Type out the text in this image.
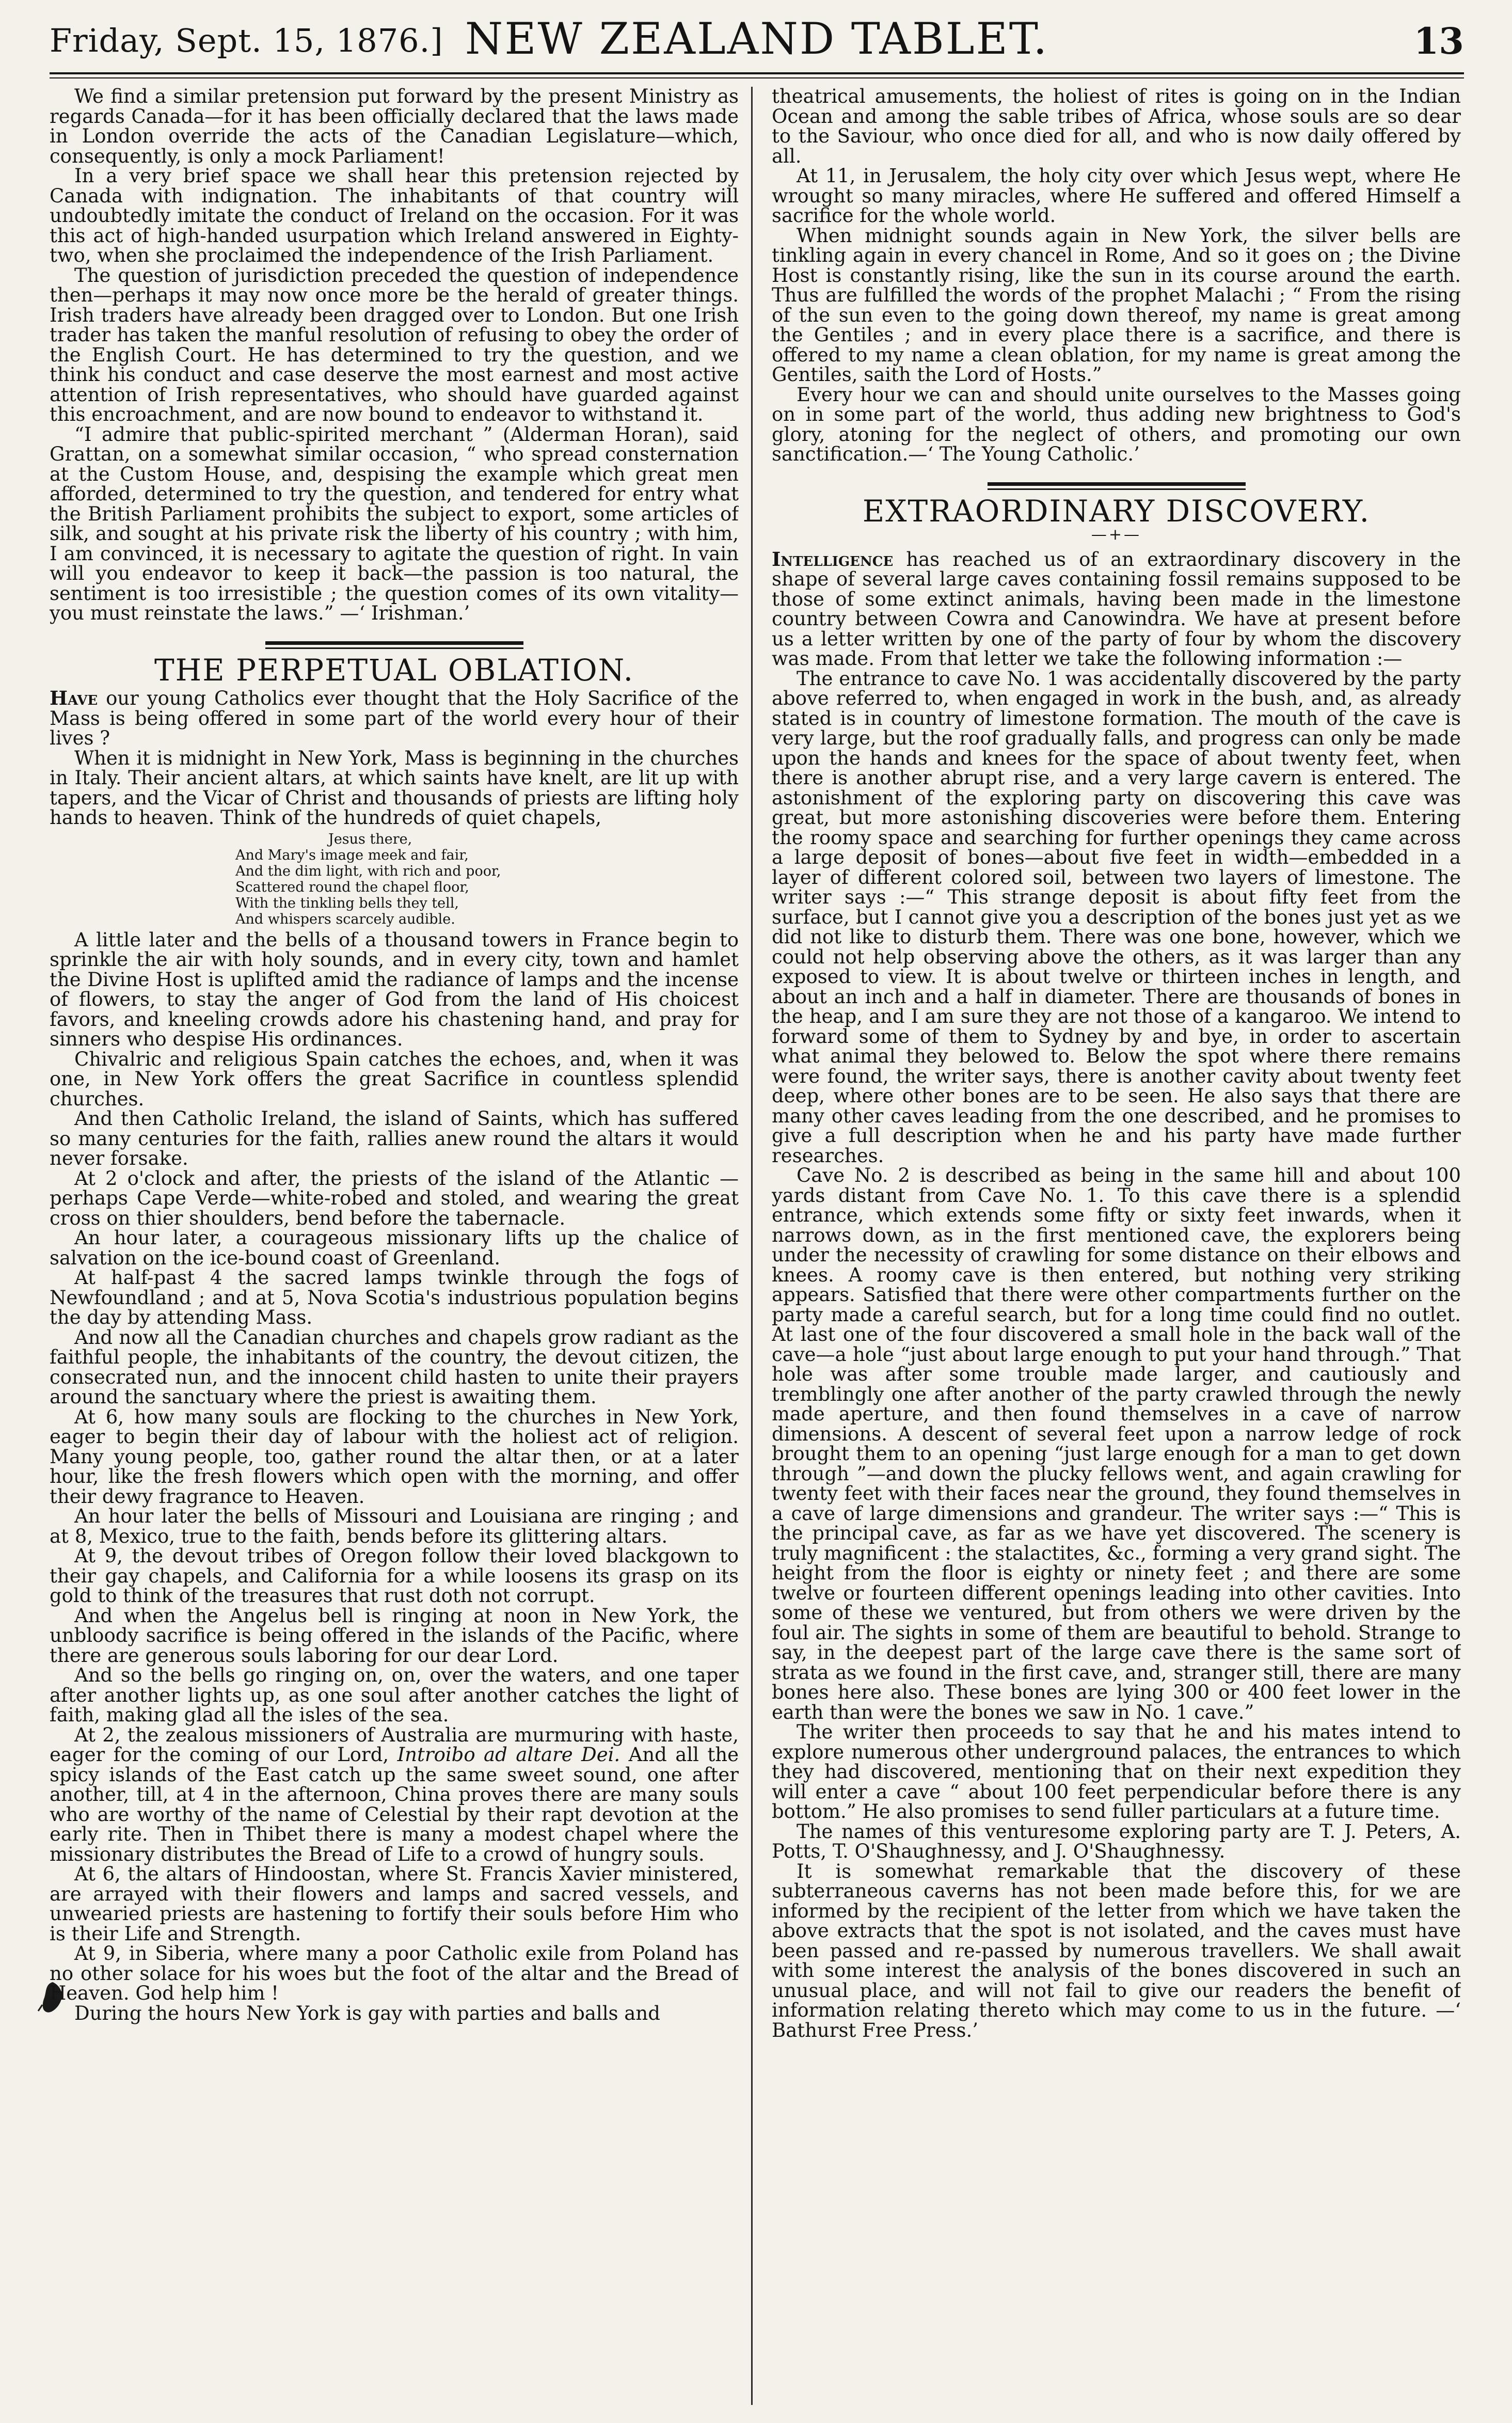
Friday, Sept. 15, 1876.] NEW ZEALAND TABLET.	13

We find a similar pretension put forward by the present Ministry as regards Canada—for it has been officially declared that the laws made in London override the acts of the Canadian Legislature—which, consequently, is only a mock Parliament!

In a very brief space we shall hear this pretension rejected by Canada with indignation. The inhabitants of that country will undoubtedly imitate the conduct of Ireland on the occasion. For it was this act of high-handed usurpation which Ireland answered in Eighty-two, when she proclaimed the independence of the Irish Parliament.

The question of jurisdiction preceded the question of independence then—perhaps it may now once more be the herald of greater things. Irish traders have already been dragged over to London. But one Irish trader has taken the manful resolution of refusing to obey the order of the English Court. He has determined to try the question, and we think his conduct and case deserve the most earnest and most active attention of Irish representatives, who should have guarded against this encroachment, and are now bound to endeavor to withstand it.

“I admire that public-spirited merchant ” (Alderman Horan), said Grattan, on a somewhat similar occasion, “ who spread consternation at the Custom House, and, despising the example which great men afforded, determined to try the question, and tendered for entry what the British Parliament prohibits the subject to export, some articles of silk, and sought at his private risk the liberty of his country ; with him, I am convinced, it is necessary to agitate the question of right. In vain will you endeavor to keep it back—the passion is too natural, the sentiment is too irresistible ; the question comes of its own vitality—you must reinstate the laws.” —‘ Irishman.’

THE PERPETUAL OBLATION.

Have our young Catholics ever thought that the Holy Sacrifice of the Mass is being offered in some part of the world every hour of their lives ?

When it is midnight in New York, Mass is beginning in the churches in Italy. Their ancient altars, at which saints have knelt, are lit up with tapers, and the Vicar of Christ and thousands of priests are lifting holy hands to heaven. Think of the hundreds of quiet chapels,

Jesus there,
And Mary's image meek and fair,
And the dim light, with rich and poor,
Scattered round the chapel floor,
With the tinkling bells they tell,
And whispers scarcely audible.

A little later and the bells of a thousand towers in France begin to sprinkle the air with holy sounds, and in every city, town and hamlet the Divine Host is uplifted amid the radiance of lamps and the incense of flowers, to stay the anger of God from the land of His choicest favors, and kneeling crowds adore his chastening hand, and pray for sinners who despise His ordinances.

Chivalric and religious Spain catches the echoes, and, when it was one, in New York offers the great Sacrifice in countless splendid churches.

And then Catholic Ireland, the island of Saints, which has suffered so many centuries for the faith, rallies anew round the altars it would never forsake.

At 2 o'clock and after, the priests of the island of the Atlantic —perhaps Cape Verde—white-robed and stoled, and wearing the great cross on thier shoulders, bend before the tabernacle.

An hour later, a courageous missionary lifts up the chalice of salvation on the ice-bound coast of Greenland.

At half-past 4 the sacred lamps twinkle through the fogs of Newfoundland ; and at 5, Nova Scotia's industrious population begins the day by attending Mass.

And now all the Canadian churches and chapels grow radiant as the faithful people, the inhabitants of the country, the devout citizen, the consecrated nun, and the innocent child hasten to unite their prayers around the sanctuary where the priest is awaiting them.

At 6, how many souls are flocking to the churches in New York, eager to begin their day of labour with the holiest act of religion. Many young people, too, gather round the altar then, or at a later hour, like the fresh flowers which open with the morning, and offer their dewy fragrance to Heaven.

An hour later the bells of Missouri and Louisiana are ringing ; and at 8, Mexico, true to the faith, bends before its glittering altars.

At 9, the devout tribes of Oregon follow their loved blackgown to their gay chapels, and California for a while loosens its grasp on its gold to think of the treasures that rust doth not corrupt.

And when the Angelus bell is ringing at noon in New York, the unbloody sacrifice is being offered in the islands of the Pacific, where there are generous souls laboring for our dear Lord.

And so the bells go ringing on, on, over the waters, and one taper after another lights up, as one soul after another catches the light of faith, making glad all the isles of the sea.

At 2, the zealous missioners of Australia are murmuring with haste, eager for the coming of our Lord, Introibo ad altare Dei. And all the spicy islands of the East catch up the same sweet sound, one after another, till, at 4 in the afternoon, China proves there are many souls who are worthy of the name of Celestial by their rapt devotion at the early rite. Then in Thibet there is many a modest chapel where the missionary distributes the Bread of Life to a crowd of hungry souls.

At 6, the altars of Hindoostan, where St. Francis Xavier ministered, are arrayed with their flowers and lamps and sacred vessels, and unwearied priests are hastening to fortify their souls before Him who is their Life and Strength.

At 9, in Siberia, where many a poor Catholic exile from Poland has no other solace for his woes but the foot of the altar and the Bread of Heaven. God help him !

During the hours New York is gay with parties and balls and

theatrical amusements, the holiest of rites is going on in the Indian Ocean and among the sable tribes of Africa, whose souls are so dear to the Saviour, who once died for all, and who is now daily offered by all.

At 11, in Jerusalem, the holy city over which Jesus wept, where He wrought so many miracles, where He suffered and offered Himself a sacrifice for the whole world.

When midnight sounds again in New York, the silver bells are tinkling again in every chancel in Rome, And so it goes on ; the Divine Host is constantly rising, like the sun in its course around the earth. Thus are fulfilled the words of the prophet Malachi ; “ From the rising of the sun even to the going down thereof, my name is great among the Gentiles ; and in every place there is a sacrifice, and there is offered to my name a clean oblation, for my name is great among the Gentiles, saith the Lord of Hosts.”

Every hour we can and should unite ourselves to the Masses going on in some part of the world, thus adding new brightness to God's glory, atoning for the neglect of others, and promoting our own sanctification.—‘ The Young Catholic.’

EXTRAORDINARY DISCOVERY.
—+—

Intelligence has reached us of an extraordinary discovery in the shape of several large caves containing fossil remains supposed to be those of some extinct animals, having been made in the limestone country between Cowra and Canowindra. We have at present before us a letter written by one of the party of four by whom the discovery was made. From that letter we take the following information :—

The entrance to cave No. 1 was accidentally discovered by the party above referred to, when engaged in work in the bush, and, as already stated is in country of limestone formation. The mouth of the cave is very large, but the roof gradually falls, and progress can only be made upon the hands and knees for the space of about twenty feet, when there is another abrupt rise, and a very large cavern is entered. The astonishment of the exploring party on discovering this cave was great, but more astonishing discoveries were before them. Entering the roomy space and searching for further openings they came across a large deposit of bones—about five feet in width—embedded in a layer of different colored soil, between two layers of limestone. The writer says :—“ This strange deposit is about fifty feet from the surface, but I cannot give you a description of the bones just yet as we did not like to disturb them. There was one bone, however, which we could not help observing above the others, as it was larger than any exposed to view. It is about twelve or thirteen inches in length, and about an inch and a half in diameter. There are thousands of bones in the heap, and I am sure they are not those of a kangaroo. We intend to forward some of them to Sydney by and bye, in order to ascertain what animal they belowed to. Below the spot where there remains were found, the writer says, there is another cavity about twenty feet deep, where other bones are to be seen. He also says that there are many other caves leading from the one described, and he promises to give a full description when he and his party have made further researches.

Cave No. 2 is described as being in the same hill and about 100 yards distant from Cave No. 1. To this cave there is a splendid entrance, which extends some fifty or sixty feet inwards, when it narrows down, as in the first mentioned cave, the explorers being under the necessity of crawling for some distance on their elbows and knees. A roomy cave is then entered, but nothing very striking appears. Satisfied that there were other compartments further on the party made a careful search, but for a long time could find no outlet. At last one of the four discovered a small hole in the back wall of the cave—a hole “just about large enough to put your hand through.” That hole was after some trouble made larger, and cautiously and tremblingly one after another of the party crawled through the newly made aperture, and then found themselves in a cave of narrow dimensions. A descent of several feet upon a narrow ledge of rock brought them to an opening “just large enough for a man to get down through ”—and down the plucky fellows went, and again crawling for twenty feet with their faces near the ground, they found themselves in a cave of large dimensions and grandeur. The writer says :—“ This is the principal cave, as far as we have yet discovered. The scenery is truly magnificent : the stalactites, &c., forming a very grand sight. The height from the floor is eighty or ninety feet ; and there are some twelve or fourteen different openings leading into other cavities. Into some of these we ventured, but from others we were driven by the foul air. The sights in some of them are beautiful to behold. Strange to say, in the deepest part of the large cave there is the same sort of strata as we found in the first cave, and, stranger still, there are many bones here also. These bones are lying 300 or 400 feet lower in the earth than were the bones we saw in No. 1 cave.”

The writer then proceeds to say that he and his mates intend to explore numerous other underground palaces, the entrances to which they had discovered, mentioning that on their next expedition they will enter a cave “ about 100 feet perpendicular before there is any bottom.” He also promises to send fuller particulars at a future time.

The names of this venturesome exploring party are T. J. Peters, A. Potts, T. O'Shaughnessy, and J. O'Shaughnessy.

It is somewhat remarkable that the discovery of these subterraneous caverns has not been made before this, for we are informed by the recipient of the letter from which we have taken the above extracts that the spot is not isolated, and the caves must have been passed and re-passed by numerous travellers. We shall await with some interest the analysis of the bones discovered in such an unusual place, and will not fail to give our readers the benefit of information relating thereto which may come to us in the future. —‘ Bathurst Free Press.’
